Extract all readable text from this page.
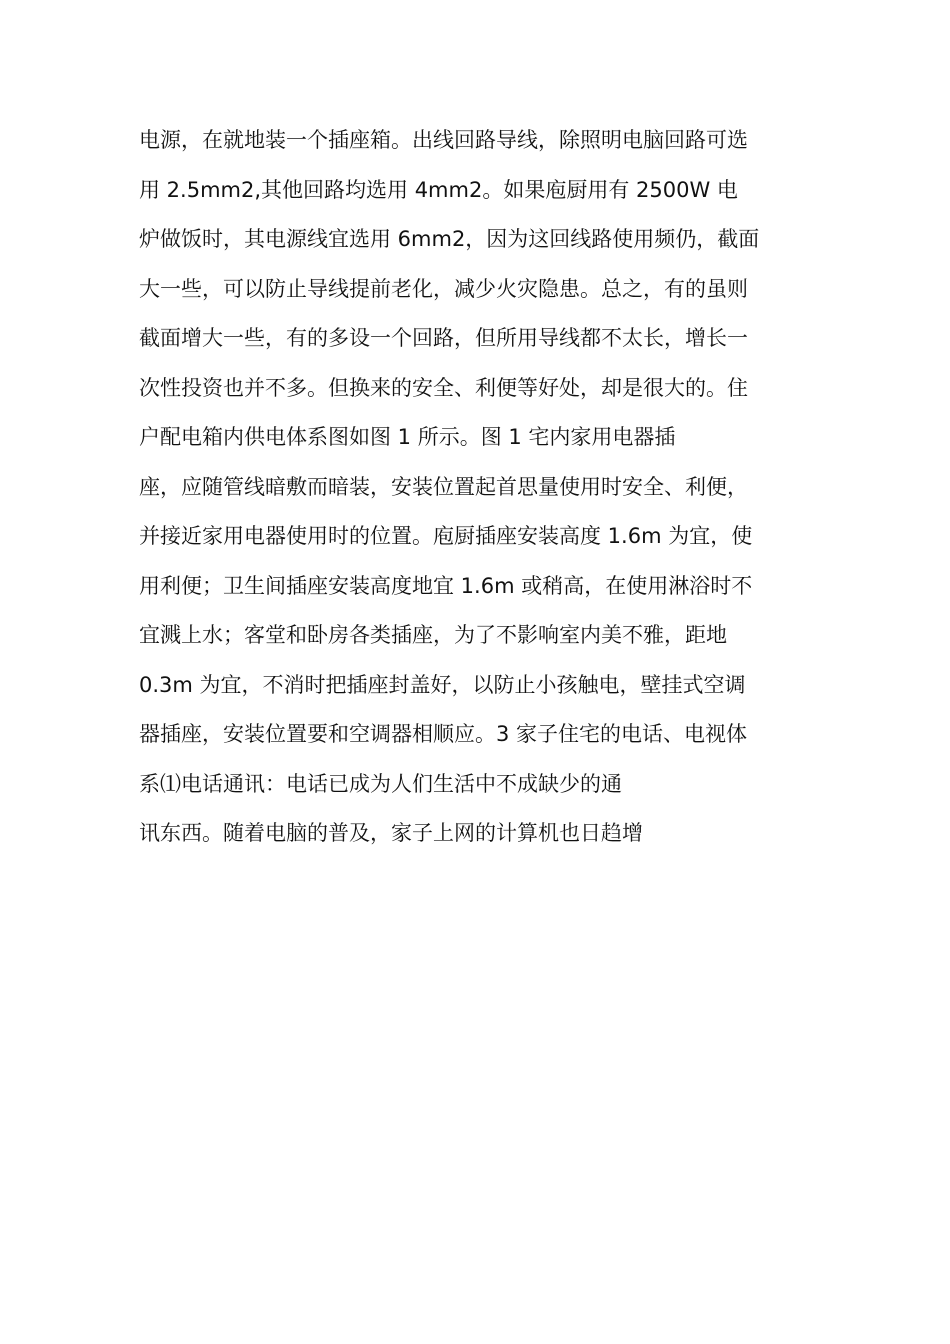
电源，在就地装一个插座箱。出线回路导线，除照明电脑回路可选
用 2.5mm2,其他回路均选用 4mm2。如果庖厨用有 2500W 电
炉做饭时，其电源线宜选用 6mm2，因为这回线路使用频仍，截面
大一些，可以防止导线提前老化，减少火灾隐患。总之，有的虽则
截面增大一些，有的多设一个回路，但所用导线都不太长，增长一
次性投资也并不多。但换来的安全、利便等好处，却是很大的。住
户配电箱内供电体系图如图 1 所示。图 1 宅内家用电器插
座，应随管线暗敷而暗装，安装位置起首思量使用时安全、利便，
并接近家用电器使用时的位置。庖厨插座安装高度 1.6m 为宜，使
用利便；卫生间插座安装高度地宜 1.6m 或稍高，在使用淋浴时不
宜溅上水；客堂和卧房各类插座，为了不影响室内美不雅，距地
0.3m 为宜，不消时把插座封盖好，以防止小孩触电，壁挂式空调
器插座，安装位置要和空调器相顺应。3 家子住宅的电话、电视体
系⑴电话通讯：电话已成为人们生活中不成缺少的通
讯东西。随着电脑的普及，家子上网的计算机也日趋增
